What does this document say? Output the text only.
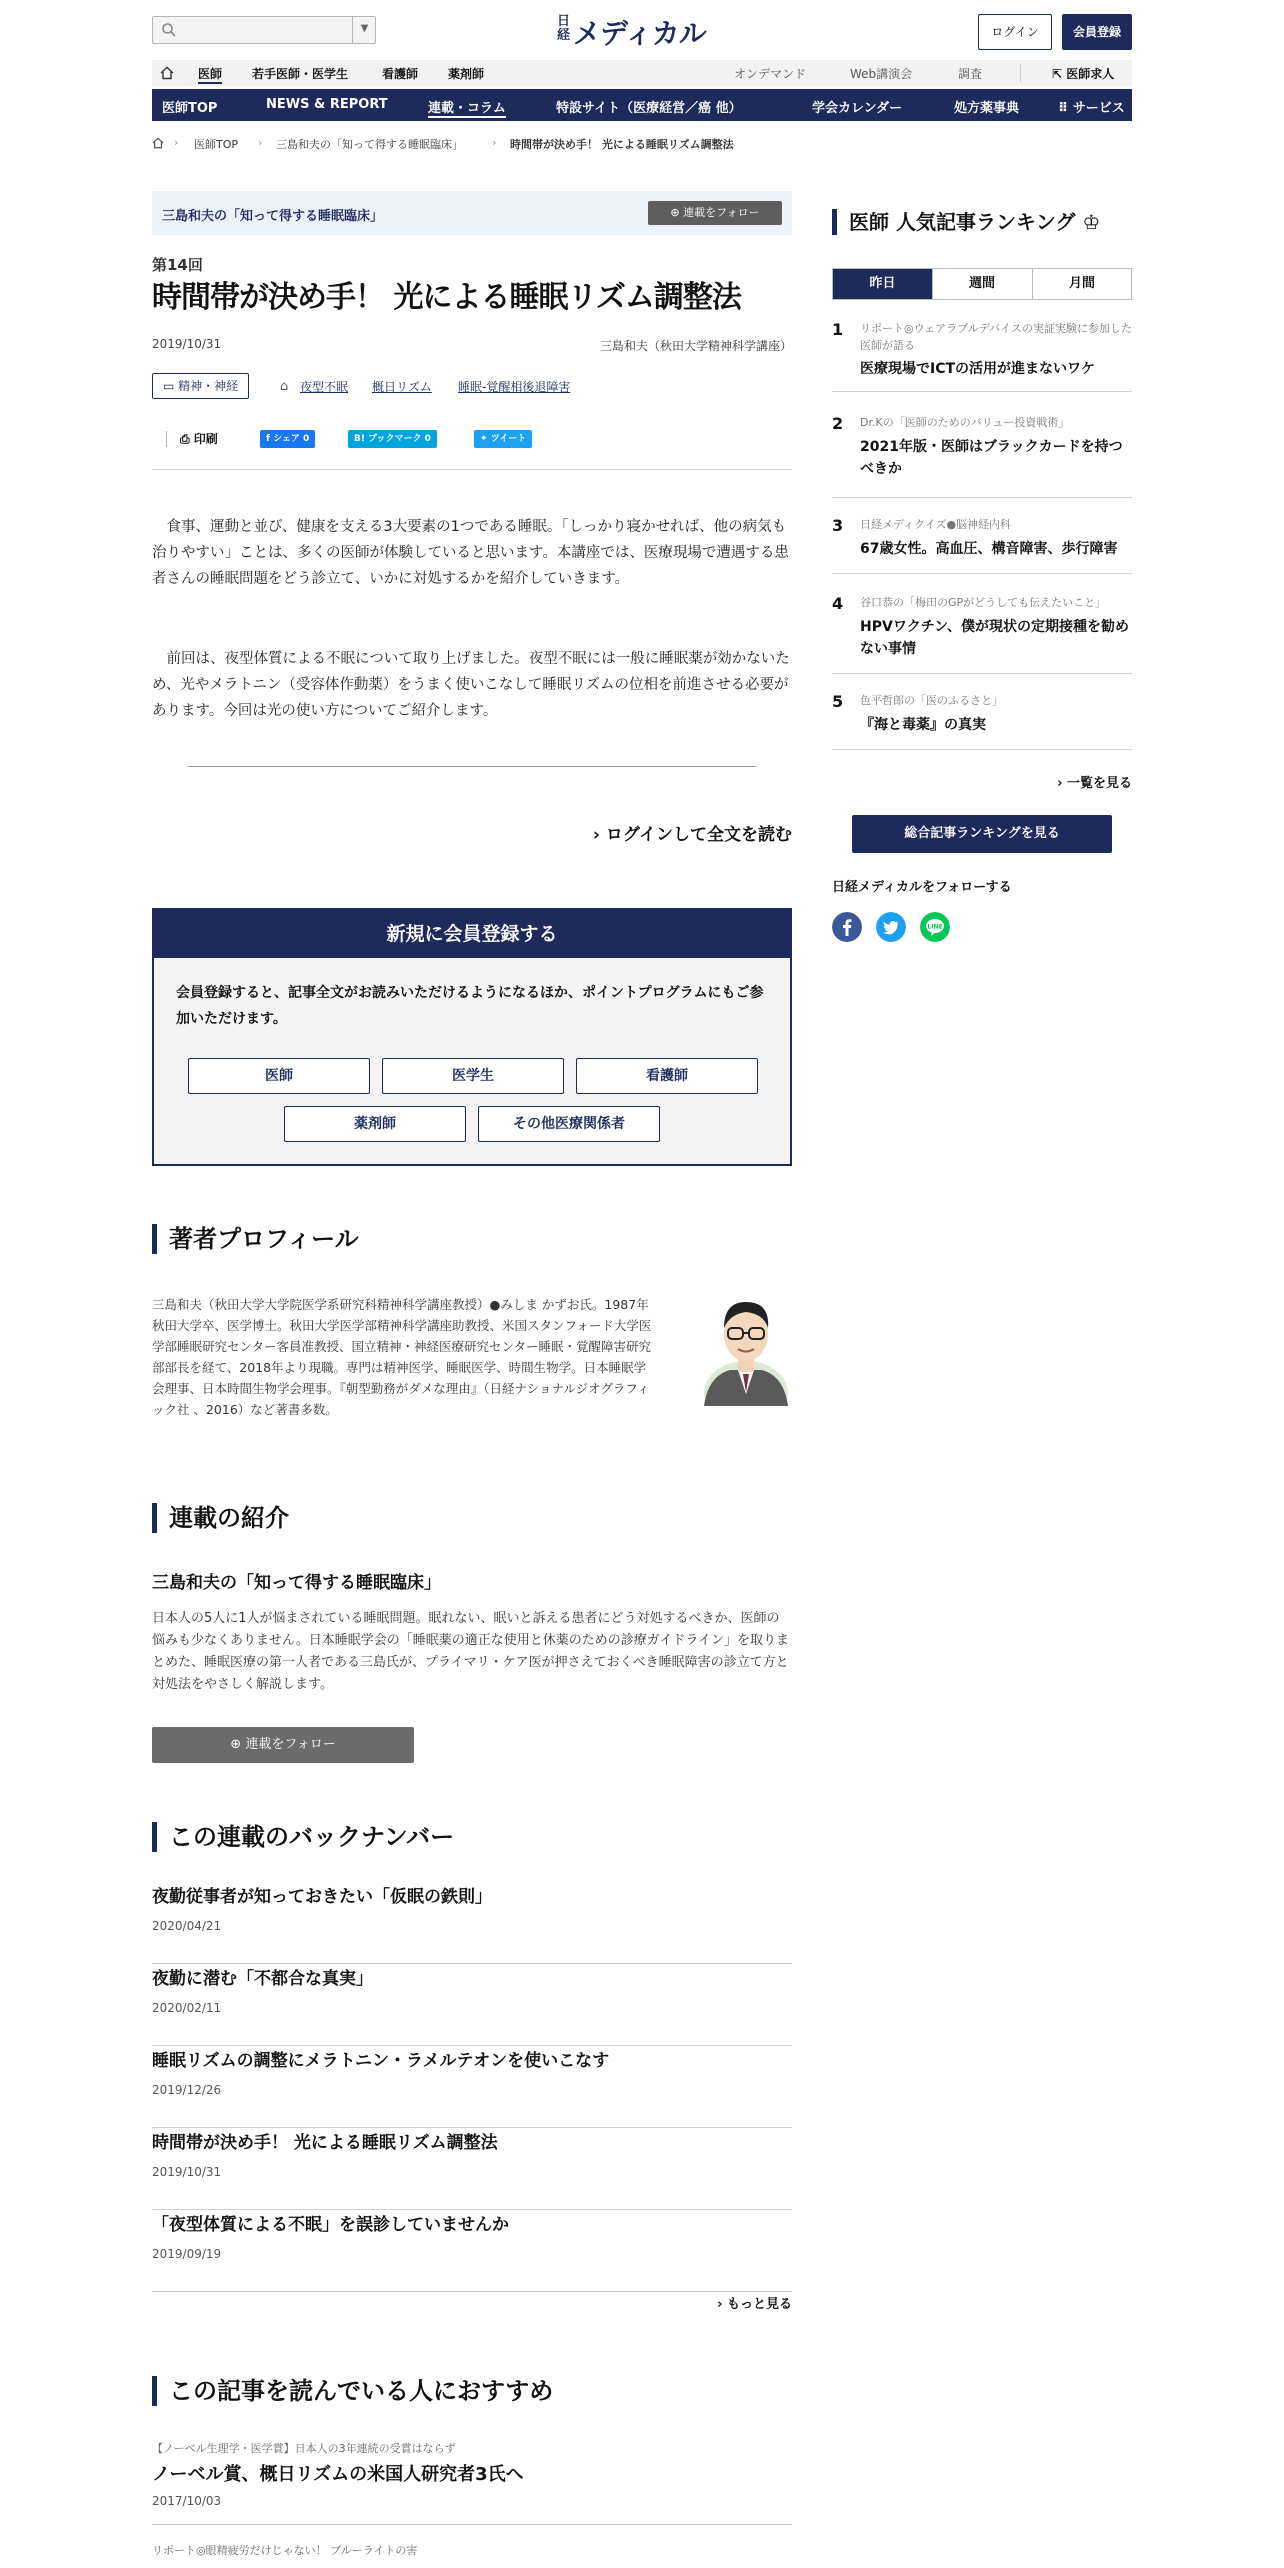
▼	日経 メディカル	ログイン	会員登録
医師 若手医師・医学生	看護師 薬剤師	オンデマンド	Web講演会	調査	⇱ 医師求人
医師TOP	NEWS & REPORT	連載・コラム	特設サイト（医療経営／癌 他）	学会カレンダー	処方薬事典	⠿ サービス
› 医師TOP › 三島和夫の「知って得する睡眠臨床」	› 時間帯が決め手！ 光による睡眠リズム調整法
三島和夫の「知って得する睡眠臨床」	⊕ 連載をフォロー
第14回
時間帯が決め手！ 光による睡眠リズム調整法
2019/10/31	三島和夫（秋田大学精神科学講座）
▭ 精神・神経	⌂ 夜型不眠 概日リズム 睡眠-覚醒相後退障害
⎙ 印刷	f シェア 0	B! ブックマーク 0	✦ ツイート

食事、運動と並び、健康を支える3大要素の1つである睡眠。「しっかり寝かせれば、他の病気も治りやすい」ことは、多くの医師が体験していると思います。本講座では、医療現場で遭遇する患者さんの睡眠問題をどう診立て、いかに対処するかを紹介していきます。

前回は、夜型体質による不眠について取り上げました。夜型不眠には一般に睡眠薬が効かないため、光やメラトニン（受容体作動薬）をうまく使いこなして睡眠リズムの位相を前進させる必要があります。今回は光の使い方についてご紹介します。

› ログインして全文を読む
新規に会員登録する
会員登録すると、記事全文がお読みいただけるようになるほか、ポイントプログラムにもご参加いただけます。
医師	医学生	看護師
薬剤師	その他医療関係者
著者プロフィール

三島和夫（秋田大学大学院医学系研究科精神科学講座教授）●みしま かずお氏。1987年秋田大学卒、医学博士。秋田大学医学部精神科学講座助教授、米国スタンフォード大学医学部睡眠研究センター客員准教授、国立精神・神経医療研究センター睡眠・覚醒障害研究部部長を経て、2018年より現職。専門は精神医学、睡眠医学、時間生物学。日本睡眠学会理事、日本時間生物学会理事。『朝型勤務がダメな理由』（日経ナショナルジオグラフィック社 、2016）など著書多数。

連載の紹介
三島和夫の「知って得する睡眠臨床」

日本人の5人に1人が悩まされている睡眠問題。眠れない、眠いと訴える患者にどう対処するべきか、医師の悩みも少なくありません。日本睡眠学会の「睡眠薬の適正な使用と休薬のための診療ガイドライン」を取りまとめた、睡眠医療の第一人者である三島氏が、プライマリ・ケア医が押さえておくべき睡眠障害の診立て方と対処法をやさしく解説します。

⊕ 連載をフォロー
この連載のバックナンバー
夜勤従事者が知っておきたい「仮眠の鉄則」
2020/04/21
夜勤に潜む「不都合な真実」
2020/02/11
睡眠リズムの調整にメラトニン・ラメルテオンを使いこなす
2019/12/26
時間帯が決め手！ 光による睡眠リズム調整法
2019/10/31
「夜型体質による不眠」を誤診していませんか
2019/09/19
› もっと見る
この記事を読んでいる人におすすめ
【ノーベル生理学・医学賞】日本人の3年連続の受賞はならず
ノーベル賞、概日リズムの米国人研究者3氏へ
2017/10/03
リポート◎眼精疲労だけじゃない！ ブルーライトの害
医師 人気記事ランキング ♔
昨日	週間	月間
1 リポート◎ウェアラブルデバイスの実証実験に参加した医師が語る
医療現場でICTの活用が進まないワケ
2 Dr.Kの「医師のためのバリュー投資戦術」
2021年版・医師はブラックカードを持つべきか
3 日経メディクイズ●脳神経内科
67歳女性。高血圧、構音障害、歩行障害
4 谷口恭の「梅田のGPがどうしても伝えたいこと」
HPVワクチン、僕が現状の定期接種を勧めない事情
5 色平哲郎の「医のふるさと」
『海と毒薬』の真実
› 一覧を見る
総合記事ランキングを見る
日経メディカルをフォローする
LINE
